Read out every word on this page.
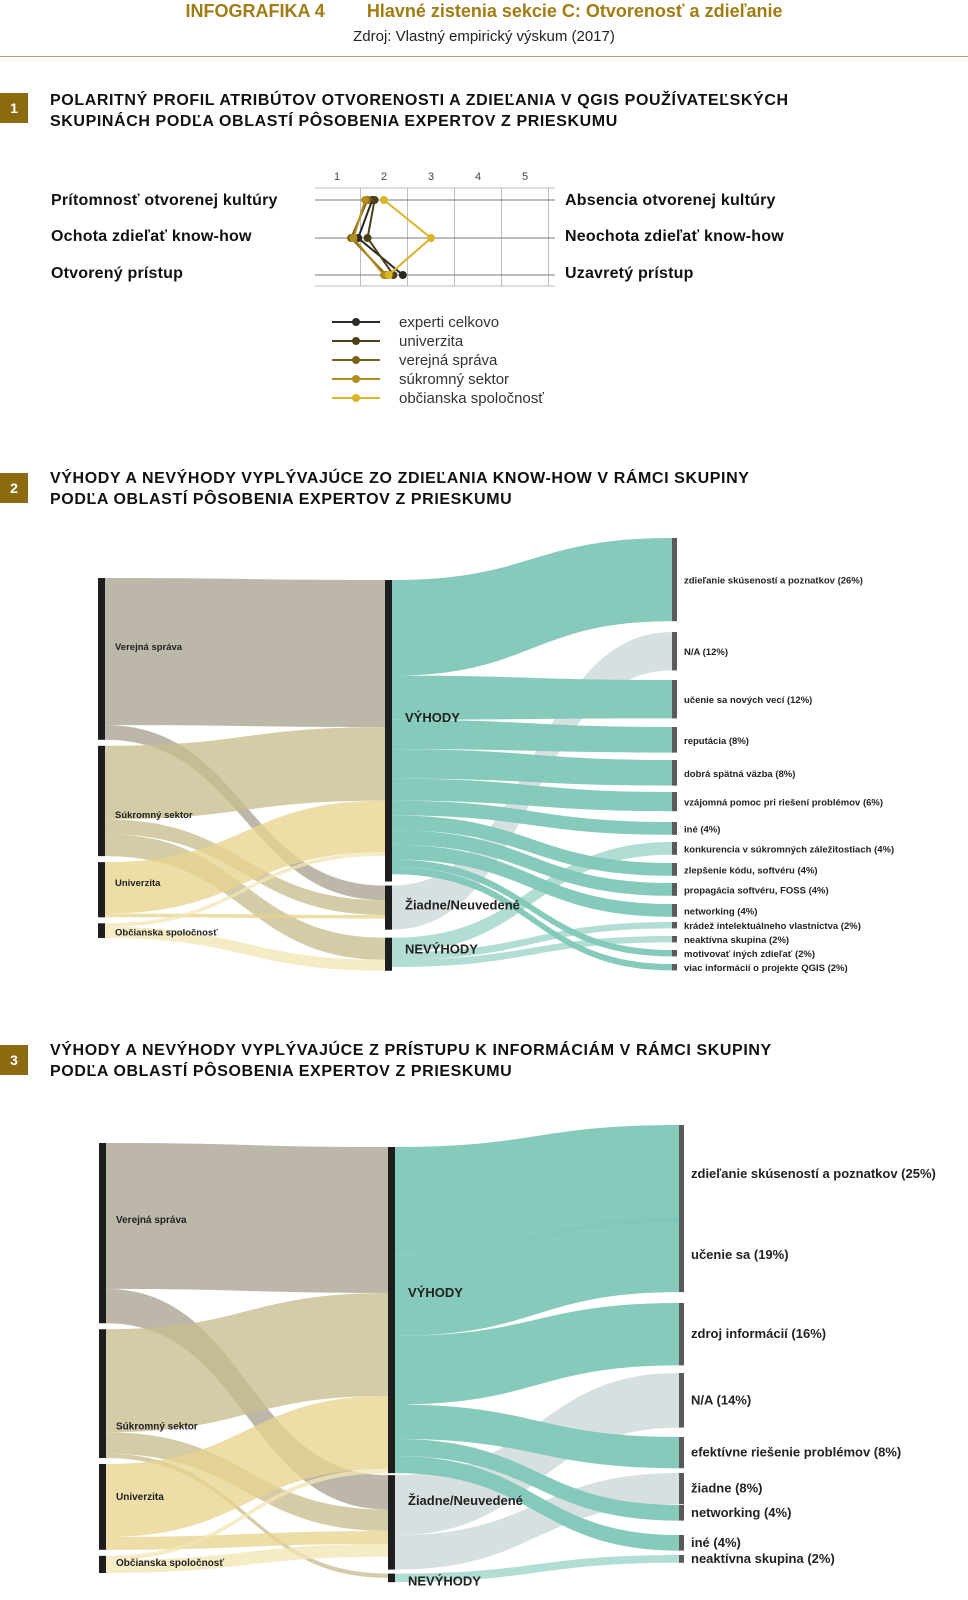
INFOGRAFIKA 4 Hlavné zistenia sekcie C: Otvorenosť a zdieľanie
Zdroj: Vlastný empirický výskum (2017)
1	POLARITNÝ PROFIL ATRIBÚTOV OTVORENOSTI A ZDIEĽANIA V QGIS POUŽÍVATEĽSKÝCH
SKUPINÁCH PODĽA OBLASTÍ PÔSOBENIA EXPERTOV Z PRIESKUMU
Prítomnosť otvorenej kultúry
Ochota zdieľať know-how
Otvorený prístup
Absencia otvorenej kultúry
Neochota zdieľať know-how
Uzavretý prístup
1	2	3	4	5
experti celkovo
univerzita
verejná správa
súkromný sektor
občianska spoločnosť
2
VÝHODY A NEVÝHODY VYPLÝVAJÚCE ZO ZDIEĽANIA KNOW-HOW V RÁMCI SKUPINY
PODĽA OBLASTÍ PÔSOBENIA EXPERTOV Z PRIESKUMU
Verejná správa
Súkromný sektor
Univerzita
Občianska spoločnosť
VÝHODY
Žiadne/Neuvedené
NEVÝHODY
zdieľanie skúseností a poznatkov (26%)
N/A (12%)
učenie sa nových vecí (12%)
reputácia (8%)
dobrá spätná väzba (8%)
vzájomná pomoc pri riešení problémov (6%)
iné (4%)
konkurencia v súkromných záležitostiach (4%)
zlepšenie kódu, softvéru (4%)
propagácia softvéru, FOSS (4%)
networking (4%)
krádež intelektuálneho vlastníctva (2%)
neaktívna skupina (2%)
motivovať iných zdieľať (2%)
viac informácií o projekte QGIS (2%)
3
VÝHODY A NEVÝHODY VYPLÝVAJÚCE Z PRÍSTUPU K INFORMÁCIÁM V RÁMCI SKUPINY
PODĽA OBLASTÍ PÔSOBENIA EXPERTOV Z PRIESKUMU
Verejná správa
Súkromný sektor
Univerzita
Občianska spoločnosť
VÝHODY
Žiadne/Neuvedené
NEVÝHODY
zdieľanie skúseností a poznatkov (25%)
učenie sa (19%)
zdroj informácií (16%)
N/A (14%)
efektívne riešenie problémov (8%)
žiadne (8%)
networking (4%)
iné (4%)
neaktívna skupina (2%)
